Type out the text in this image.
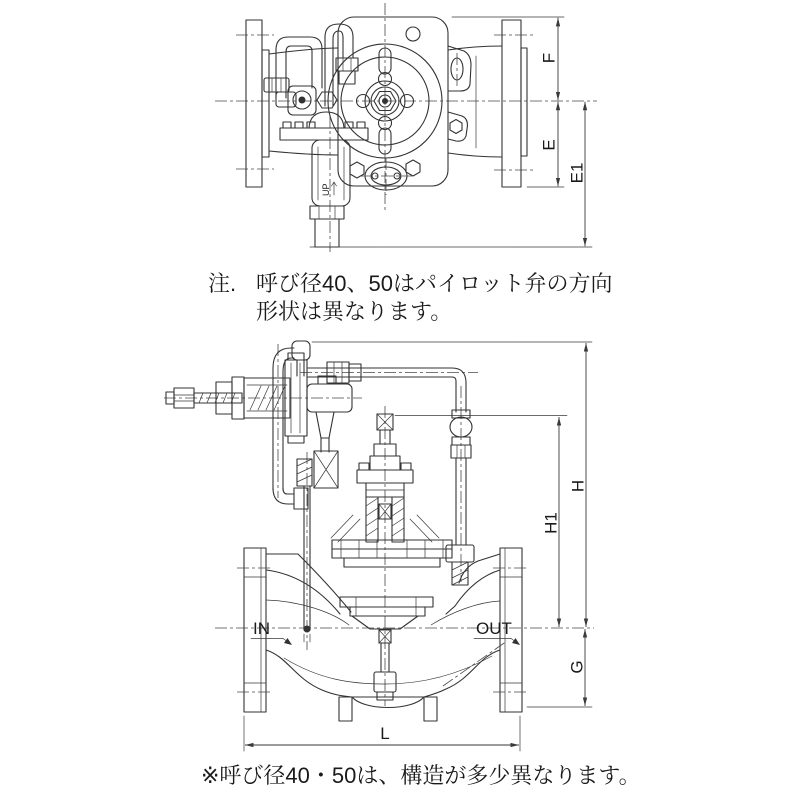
UP
F
E
E1
注. 呼び径40、50はパイロット弁の方向
形状は異なります。
IN	OUT
H
H1
G
L
※呼び径40・50は、構造が多少異なります。
